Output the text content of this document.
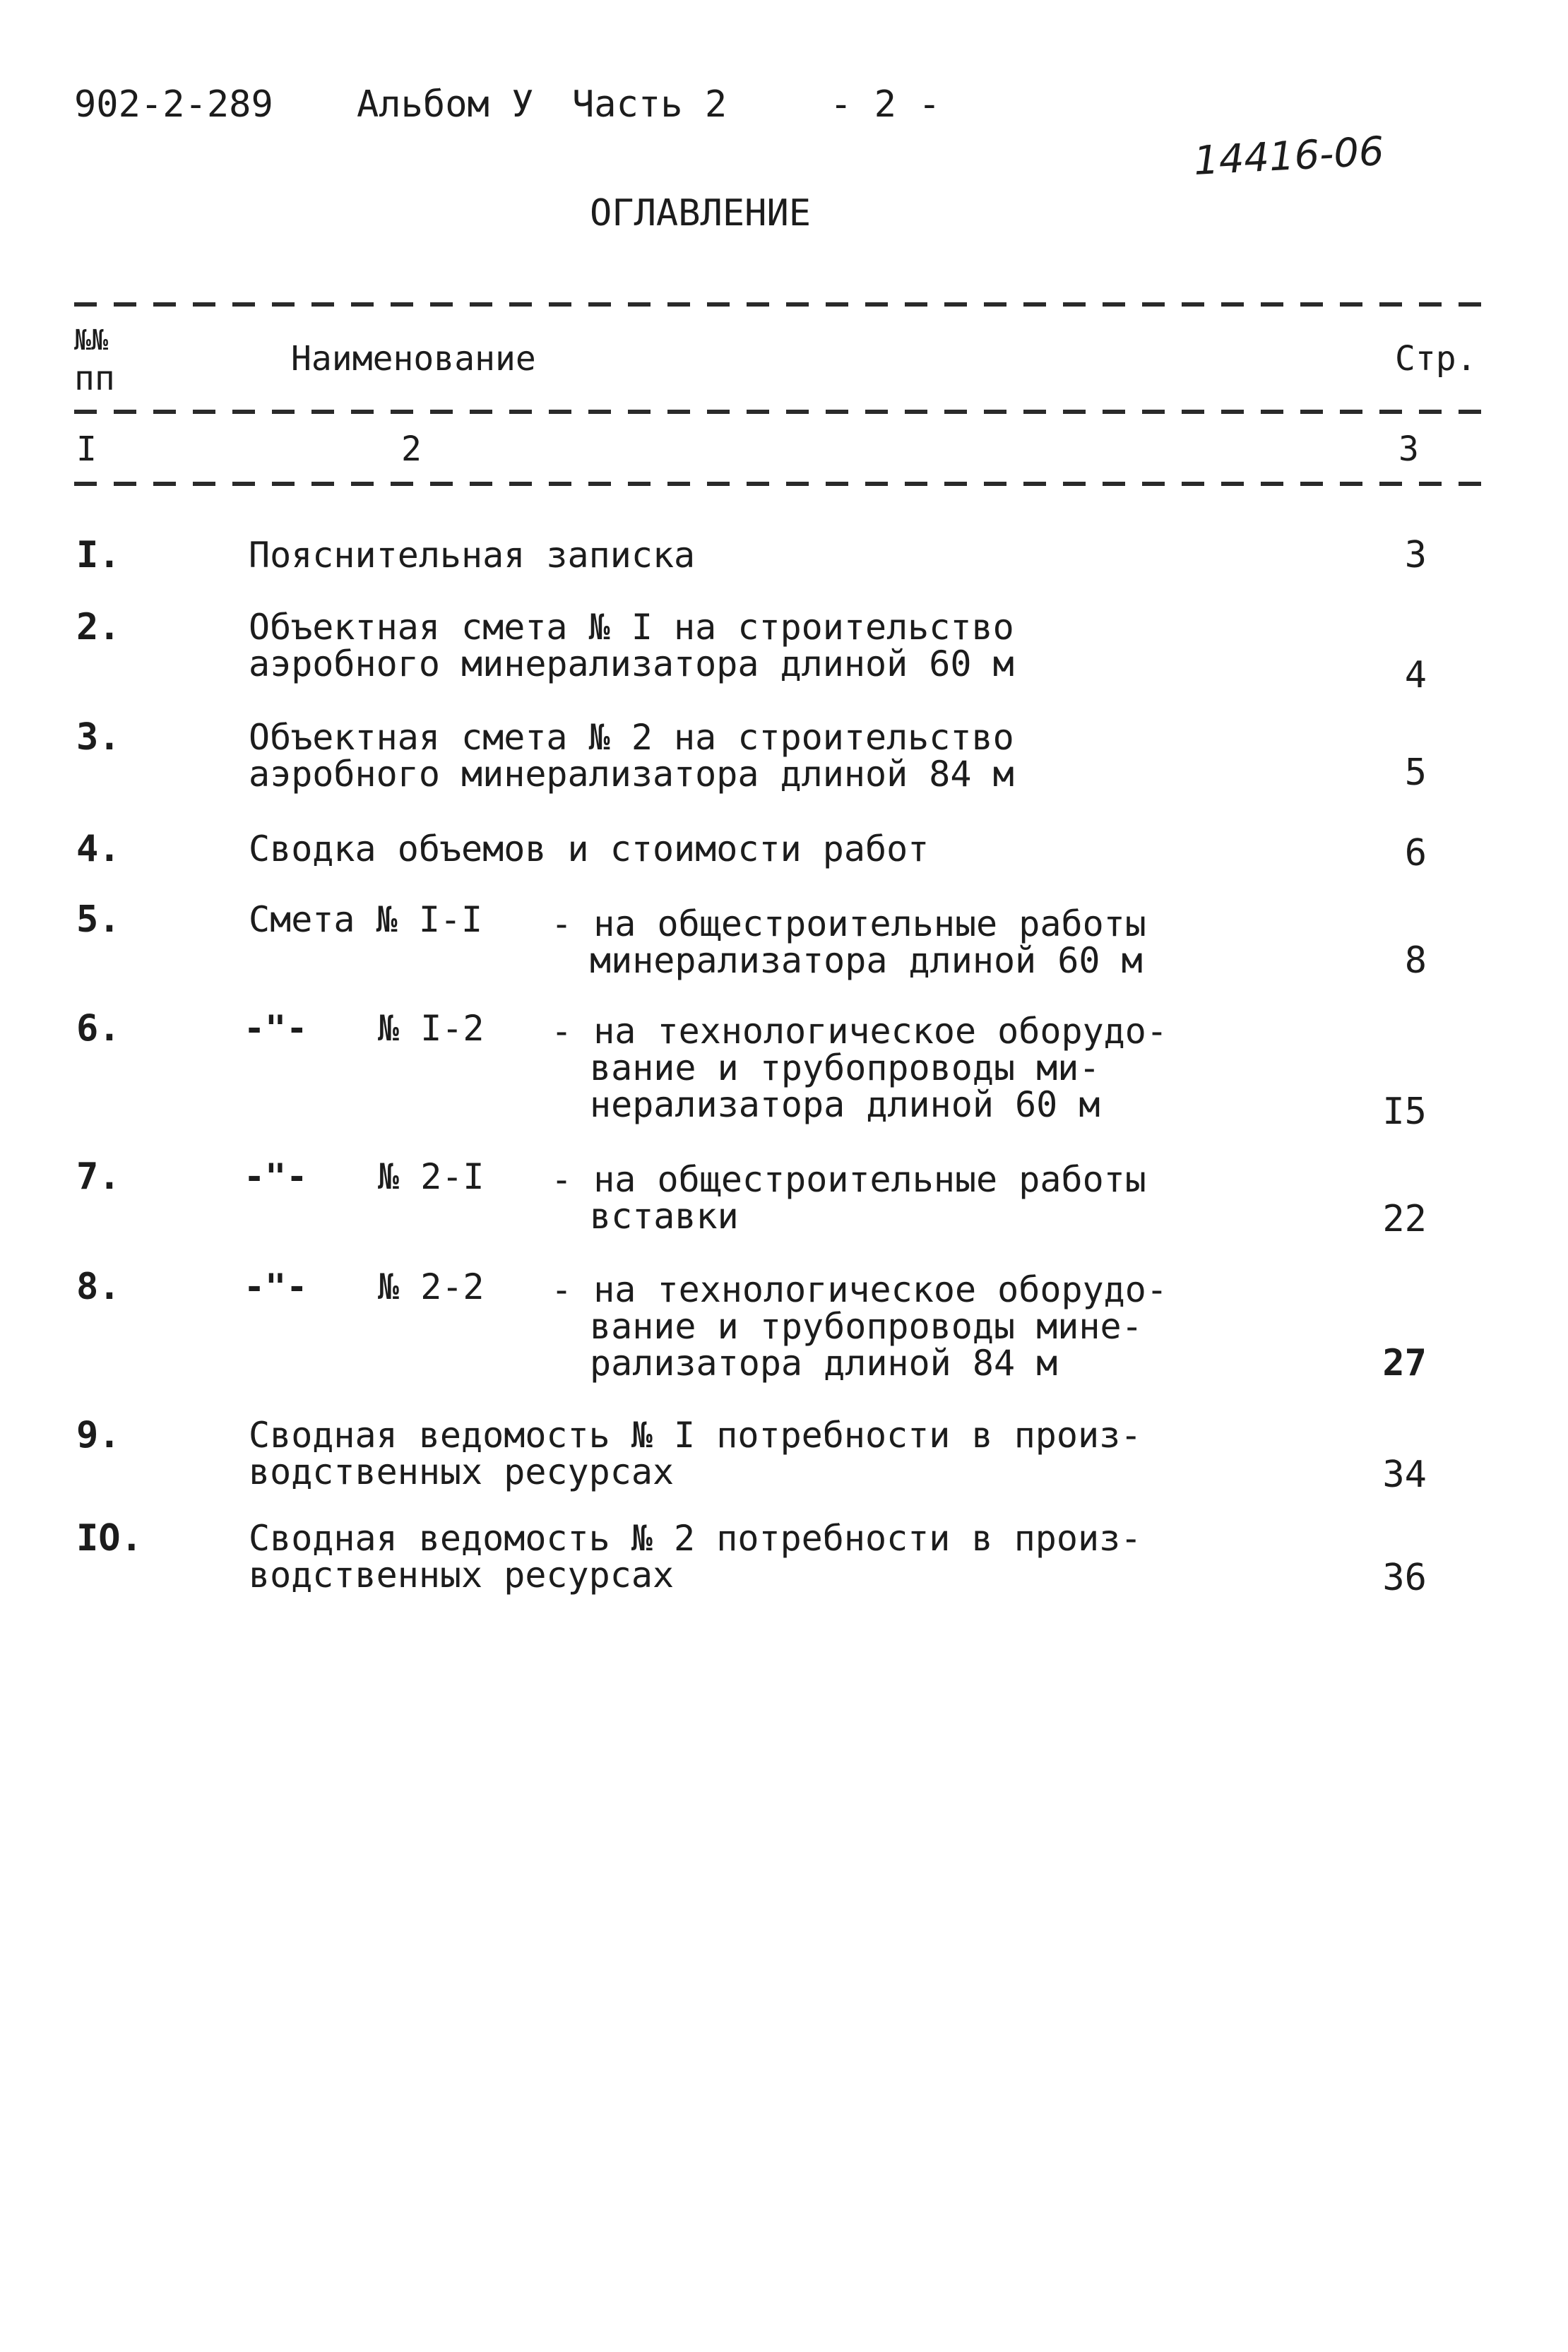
902-2-289 Альбом У Часть 2	- 2 -
14416-06
ОГЛАВЛЕНИЕ
№№
пп	Наименование	Стр.
I	2	3
I.	Пояснительная записка	3
2.	Объектная смета № I на строительство
аэробного минерализатора длиной 60 м	4
3.	Объектная смета № 2 на строительство
аэробного минерализатора длиной 84 м	5
4.	Сводка объемов и стоимости работ	6
5.	Смета № I-I - на общестроительные работы
минерализатора длиной 60 м	8
6.	-"- № I-2 - на технологическое оборудо-
вание и трубопроводы ми-
нерализатора длиной 60 м	I5
7.	-"- № 2-I - на общестроительные работы
вставки	22
8.	-"- № 2-2 - на технологическое оборудо-
вание и трубопроводы мине-
рализатора длиной 84 м	27
9.	Сводная ведомость № I потребности в произ-
водственных ресурсах	34
IO.	Сводная ведомость № 2 потребности в произ-
водственных ресурсах	36
